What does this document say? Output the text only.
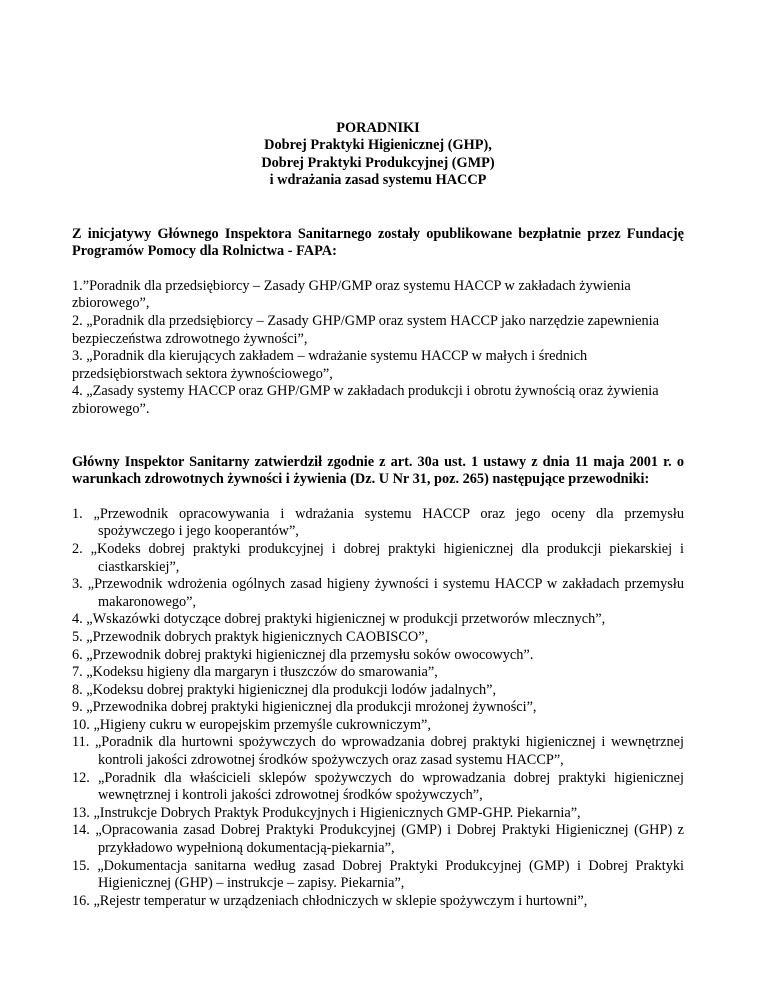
PORADNIKI
Dobrej Praktyki Higienicznej (GHP),
Dobrej Praktyki Produkcyjnej (GMP)
i wdrażania zasad systemu HACCP

Z inicjatywy Głównego Inspektora Sanitarnego zostały opublikowane bezpłatnie przez Fundację Programów Pomocy dla Rolnictwa - FAPA:

1.”Poradnik dla przedsiębiorcy – Zasady GHP/GMP oraz systemu HACCP w zakładach żywienia zbiorowego”,
2. „Poradnik dla przedsiębiorcy – Zasady GHP/GMP oraz system HACCP jako narzędzie zapewnienia bezpieczeństwa zdrowotnego żywności”,
3. „Poradnik dla kierujących zakładem – wdrażanie systemu HACCP w małych i średnich przedsiębiorstwach sektora żywnościowego”,
4. „Zasady systemy HACCP oraz GHP/GMP w zakładach produkcji i obrotu żywnością oraz żywienia zbiorowego”.

Główny Inspektor Sanitarny zatwierdził zgodnie z art. 30a ust. 1 ustawy z dnia 11 maja 2001 r. o warunkach zdrowotnych żywności i żywienia (Dz. U Nr 31, poz. 265) następujące przewodniki:

1. „Przewodnik opracowywania i wdrażania systemu HACCP oraz jego oceny dla przemysłu spożywczego i jego kooperantów”,
2. „Kodeks dobrej praktyki produkcyjnej i dobrej praktyki higienicznej dla produkcji piekarskiej i ciastkarskiej”,
3. „Przewodnik wdrożenia ogólnych zasad higieny żywności i systemu HACCP w zakładach przemysłu makaronowego”,
4. „Wskazówki dotyczące dobrej praktyki higienicznej w produkcji przetworów mlecznych”,
5. „Przewodnik dobrych praktyk higienicznych CAOBISCO”,
6. „Przewodnik dobrej praktyki higienicznej dla przemysłu soków owocowych”.
7. „Kodeksu higieny dla margaryn i tłuszczów do smarowania”,
8. „Kodeksu dobrej praktyki higienicznej dla produkcji lodów jadalnych”,
9. „Przewodnika dobrej praktyki higienicznej dla produkcji mrożonej żywności”,
10. „Higieny cukru w europejskim przemyśle cukrowniczym”,
11. „Poradnik dla hurtowni spożywczych do wprowadzania dobrej praktyki higienicznej i wewnętrznej kontroli jakości zdrowotnej środków spożywczych oraz zasad systemu HACCP”,
12. „Poradnik dla właścicieli sklepów spożywczych do wprowadzania dobrej praktyki higienicznej wewnętrznej i kontroli jakości zdrowotnej środków spożywczych”,
13. „Instrukcje Dobrych Praktyk Produkcyjnych i Higienicznych GMP-GHP. Piekarnia”,
14. „Opracowania zasad Dobrej Praktyki Produkcyjnej (GMP) i Dobrej Praktyki Higienicznej (GHP) z przykładowo wypełnioną dokumentacją-piekarnia”,
15. „Dokumentacja sanitarna według zasad Dobrej Praktyki Produkcyjnej (GMP) i Dobrej Praktyki Higienicznej (GHP) – instrukcje – zapisy. Piekarnia”,
16. „Rejestr temperatur w urządzeniach chłodniczych w sklepie spożywczym i hurtowni”,
